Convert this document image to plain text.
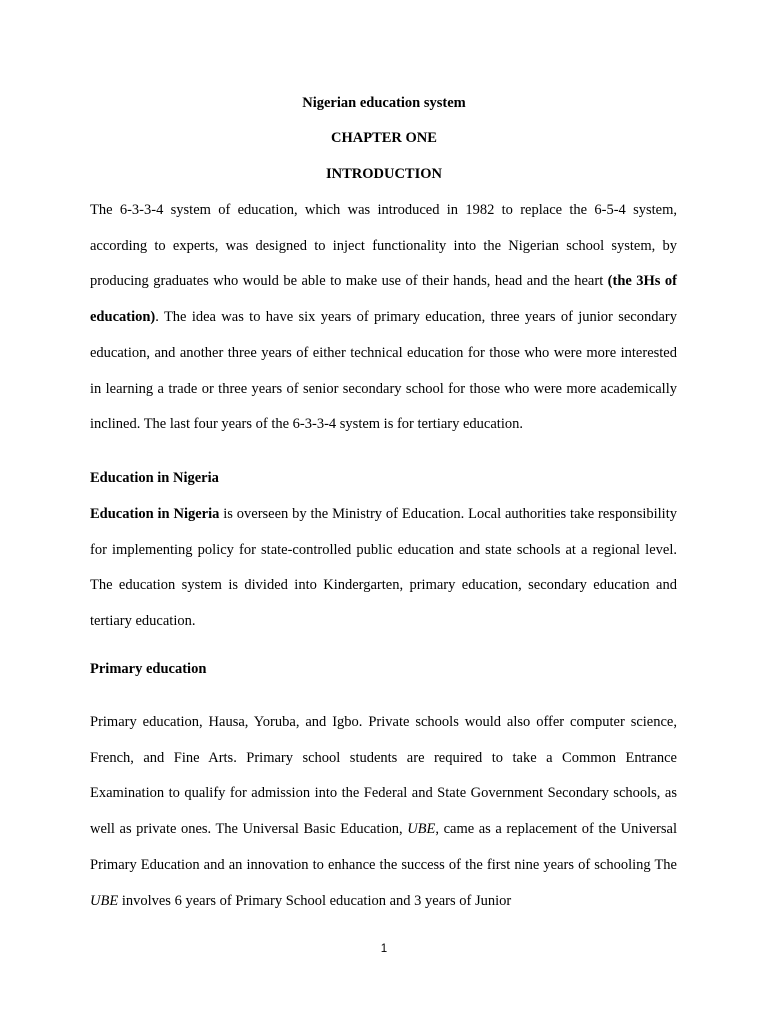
Nigerian education system

CHAPTER ONE

INTRODUCTION

The 6-3-3-4 system of education, which was introduced in 1982 to replace the 6-5-4 system, according to experts, was designed to inject functionality into the Nigerian school system, by producing graduates who would be able to make use of their hands, head and the heart (the 3Hs of education). The idea was to have six years of primary education, three years of junior secondary education, and another three years of either technical education for those who were more interested in learning a trade or three years of senior secondary school for those who were more academically inclined. The last four years of the 6-3-3-4 system is for tertiary education.

Education in Nigeria

Education in Nigeria is overseen by the Ministry of Education. Local authorities take responsibility for implementing policy for state-controlled public education and state schools at a regional level. The education system is divided into Kindergarten, primary education, secondary education and tertiary education.

Primary education

Primary education, Hausa, Yoruba, and Igbo. Private schools would also offer computer science, French, and Fine Arts. Primary school students are required to take a Common Entrance Examination to qualify for admission into the Federal and State Government Secondary schools, as well as private ones. The Universal Basic Education, UBE, came as a replacement of the Universal Primary Education and an innovation to enhance the success of the first nine years of schooling The UBE involves 6 years of Primary School education and 3 years of Junior

1
